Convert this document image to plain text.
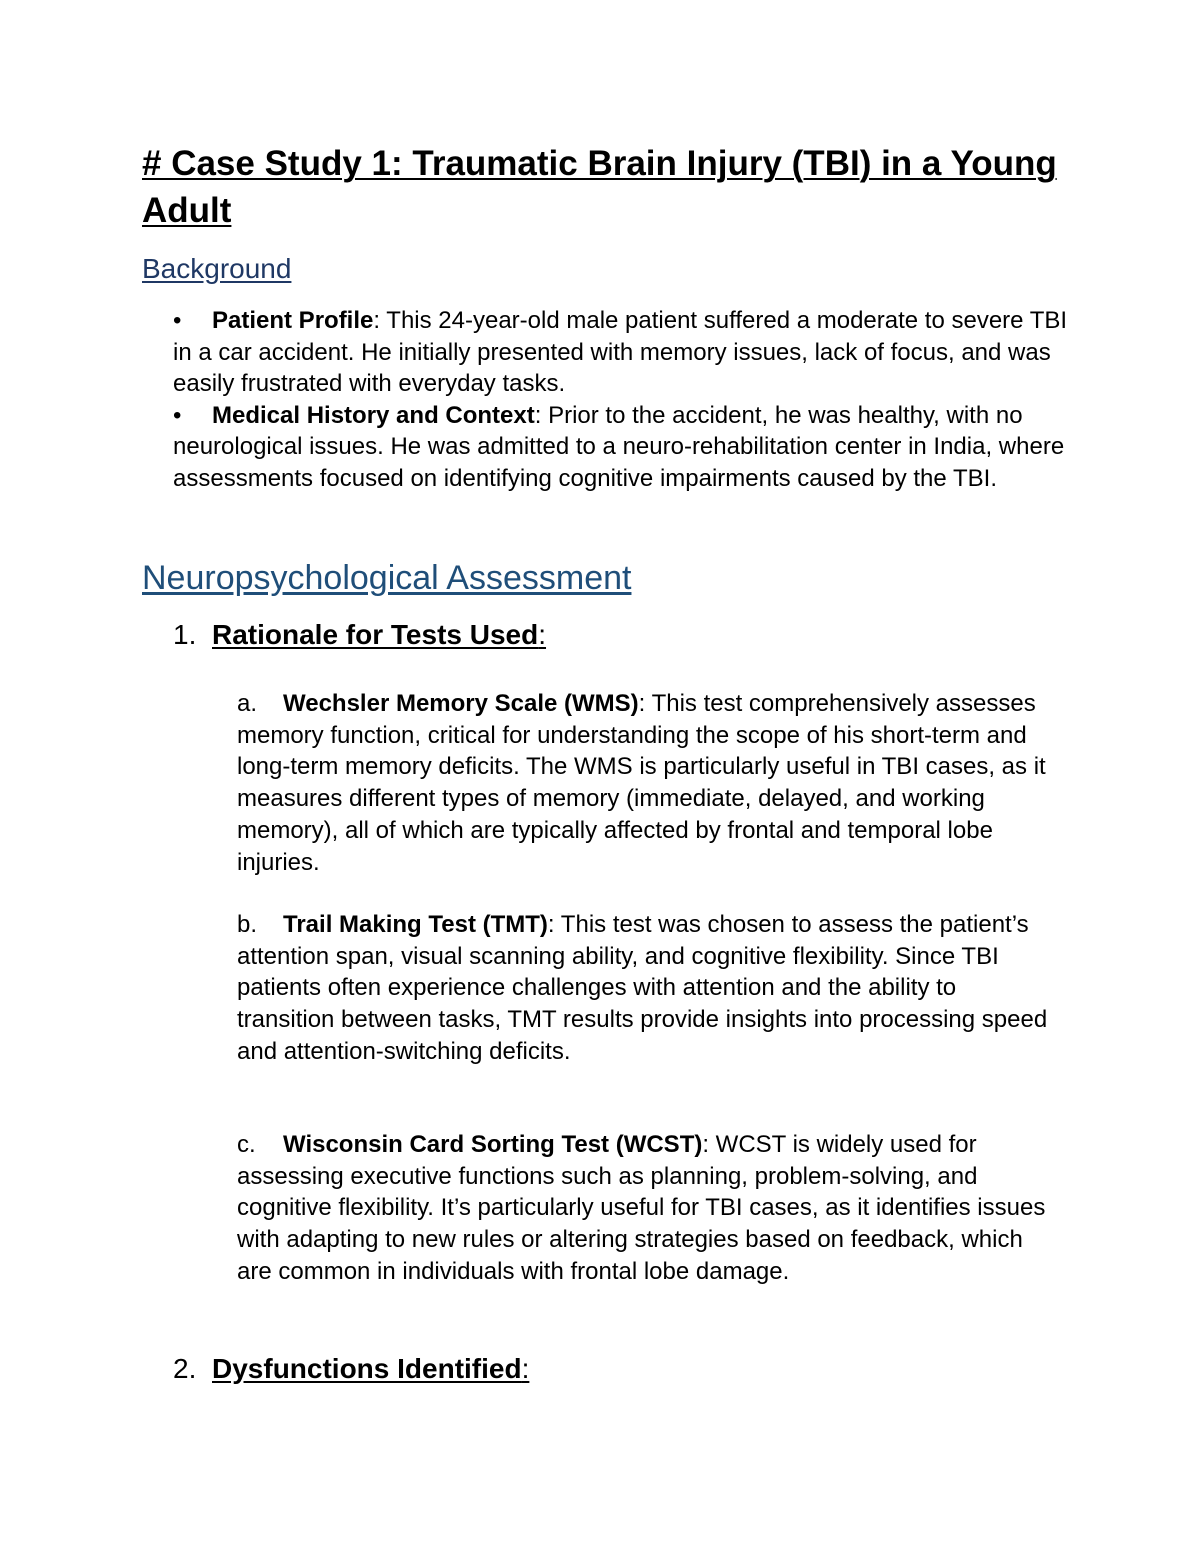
# Case Study 1: Traumatic Brain Injury (TBI) in a Young Adult
Background
• Patient Profile: This 24-year-old male patient suffered a moderate to severe TBI in a car accident. He initially presented with memory issues, lack of focus, and was easily frustrated with everyday tasks.
• Medical History and Context: Prior to the accident, he was healthy, with no neurological issues. He was admitted to a neuro-rehabilitation center in India, where assessments focused on identifying cognitive impairments caused by the TBI.
Neuropsychological Assessment

1. Rationale for Tests Used:

a. Wechsler Memory Scale (WMS): This test comprehensively assesses memory function, critical for understanding the scope of his short-term and long-term memory deficits. The WMS is particularly useful in TBI cases, as it measures different types of memory (immediate, delayed, and working memory), all of which are typically affected by frontal and temporal lobe injuries.

b. Trail Making Test (TMT): This test was chosen to assess the patient’s attention span, visual scanning ability, and cognitive flexibility. Since TBI patients often experience challenges with attention and the ability to transition between tasks, TMT results provide insights into processing speed and attention-switching deficits.

c. Wisconsin Card Sorting Test (WCST): WCST is widely used for assessing executive functions such as planning, problem-solving, and cognitive flexibility. It’s particularly useful for TBI cases, as it identifies issues with adapting to new rules or altering strategies based on feedback, which are common in individuals with frontal lobe damage.

2. Dysfunctions Identified:
